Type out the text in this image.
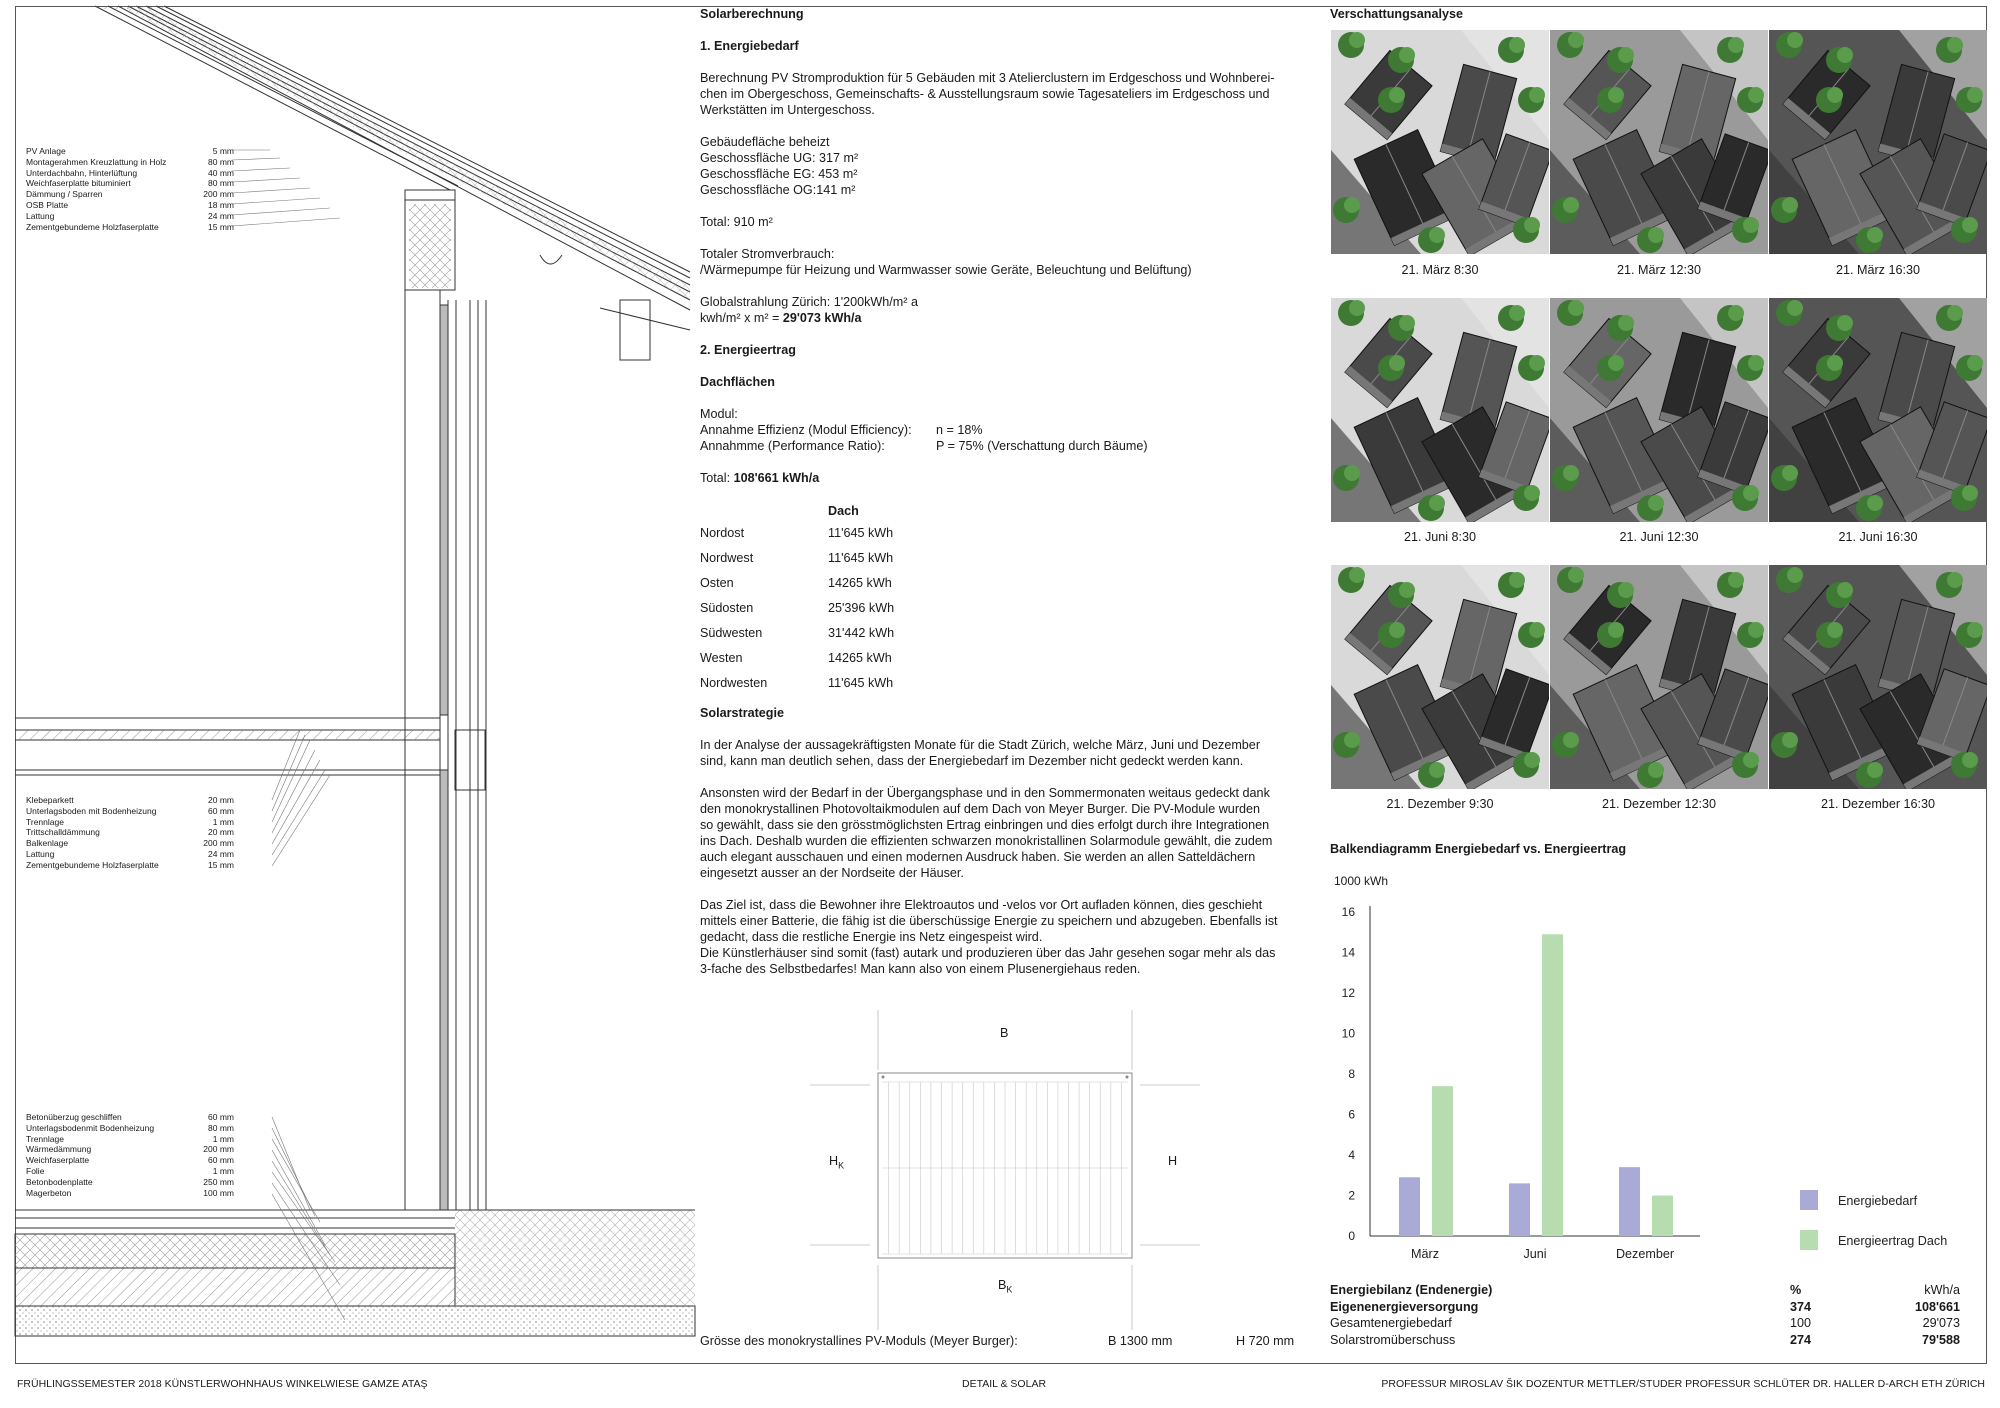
PV Anlage	5 mm
Montagerahmen Kreuzlattung in Holz	80 mm
Unterdachbahn, Hinterlüftung	40 mm
Weichfaserplatte bituminiert	80 mm
Dämmung / Sparren	200 mm
OSB Platte	18 mm
Lattung	24 mm
Zementgebundeme Holzfaserplatte	15 mm
Klebeparkett	20 mm
Unterlagsboden mit Bodenheizung	60 mm
Trennlage	1 mm
Trittschalldämmung	20 mm
Balkenlage	200 mm
Lattung	24 mm
Zementgebundeme Holzfaserplatte	15 mm
Betonüberzug geschliffen	60 mm
Unterlagsbodenmit Bodenheizung	80 mm
Trennlage	1 mm
Wärmedämmung	200 mm
Weichfaserplatte	60 mm
Folie	1 mm
Betonbodenplatte	250 mm
Magerbeton	100 mm

Solarberechnung

1. Energiebedarf

Berechnung PV Stromproduktion für 5 Gebäuden mit 3 Atelierclustern im Erdgeschoss und Wohnberei-

chen im Obergeschoss, Gemeinschafts- & Ausstellungsraum sowie Tagesateliers im Erdgeschoss und

Werkstätten im Untergeschoss.

Gebäudefläche beheizt

Geschossfläche UG: 317 m²

Geschossfläche EG: 453 m²

Geschossfläche OG:141 m²

Total: 910 m²

Totaler Stromverbrauch:

/Wärmepumpe für Heizung und Warmwasser sowie Geräte, Beleuchtung und Belüftung)

Globalstrahlung Zürich: 1'200kWh/m² a

kwh/m² x m² = 29'073 kWh/a

2. Energieertrag

Dachflächen

Modul:

Annahme Effizienz (Modul Efficiency):	n = 18%
Annahmme (Performance Ratio):	P = 75% (Verschattung durch Bäume)

Total: 108'661 kWh/a

Dach
Nordost	11'645 kWh
Nordwest	11'645 kWh
Osten	14265 kWh
Südosten	25'396 kWh
Südwesten	31'442 kWh
Westen	14265 kWh
Nordwesten	11'645 kWh

Solarstrategie

In der Analyse der aussagekräftigsten Monate für die Stadt Zürich, welche März, Juni und Dezember

sind, kann man deutlich sehen, dass der Energiebedarf im Dezember nicht gedeckt werden kann.

Ansonsten wird der Bedarf in der Übergangsphase und in den Sommermonaten weitaus gedeckt dank

den monokrystallinen Photovoltaikmodulen auf dem Dach von Meyer Burger. Die PV-Module wurden

so gewählt, dass sie den grösstmöglichsten Ertrag einbringen und dies erfolgt durch ihre Integrationen

ins Dach. Deshalb wurden die effizienten schwarzen monokristallinen Solarmodule gewählt, die zudem

auch elegant ausschauen und einen modernen Ausdruck haben. Sie werden an allen Satteldächern

eingesetzt ausser an der Nordseite der Häuser.

Das Ziel ist, dass die Bewohner ihre Elektroautos und -velos vor Ort aufladen können, dies geschieht

mittels einer Batterie, die fähig ist die überschüssige Energie zu speichern und abzugeben. Ebenfalls ist

gedacht, dass die restliche Energie ins Netz eingespeist wird.

Die Künstlerhäuser sind somit (fast) autark und produzieren über das Jahr gesehen sogar mehr als das

3-fache des Selbstbedarfes! Man kann also von einem Plusenergiehaus reden.

B
H
$H_K$
$B_K$
Grösse des monokrystallines PV-Moduls (Meyer Burger):	B 1300 mm	H 720 mm
Verschattungsanalyse
21. März 8:30	21. März 12:30	21. März 16:30
21. Juni 8:30	21. Juni 12:30	21. Juni 16:30
21. Dezember 9:30	21. Dezember 12:30	21. Dezember 16:30
Balkendiagramm Energiebedarf vs. Energieertrag
1000 kWh
0
2
4
6
8
10
12
14
16
März	Juni	Dezember
Energiebedarf
Energieertrag Dach
Energiebilanz (Endenergie)	%	kWh/a
Eigenenergieversorgung	374	108'661
Gesamtenergiebedarf	100	29'073
Solarstromüberschuss	274	79'588
FRÜHLINGSSEMESTER 2018 KÜNSTLERWOHNHAUS WINKELWIESE GAMZE ATAŞ	DETAIL & SOLAR	PROFESSUR MIROSLAV ŠIK DOZENTUR METTLER/STUDER PROFESSUR SCHLÜTER DR. HALLER D-ARCH ETH ZÜRICH
